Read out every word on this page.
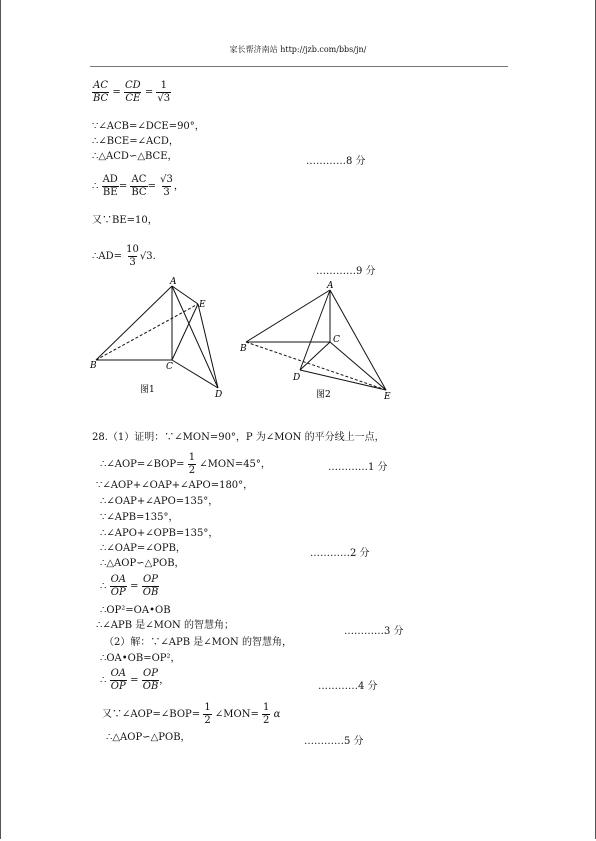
家长帮济南站 http://jzb.com/bbs/jn/
$\frac{AC}{BC} = \frac{CD}{CE} = \frac{1}{√3}$
∵∠ACB=∠DCE=90°，
∴∠BCE=∠ACD，
∴△ACD∽△BCE，	…………8 分
∴ $\frac{AD}{BE} = \frac{AC}{BC} = \frac{√3}{3}$ ，
又∵BE=10，
∴AD= $\frac{10}{3} √3$.
…………9 分
A
E
B	C
D
图1
A
B
C
D
E
图2
28.（1）证明：∵∠MON=90°，P 为∠MON 的平分线上一点，
∴∠AOP=∠BOP= $\frac{1}{2}$ ∠MON=45°，	…………1 分
∵∠AOP+∠OAP+∠APO=180°，
∴∠OAP+∠APO=135°，
∵∠APB=135°，
∴∠APO+∠OPB=135°，
∴∠OAP=∠OPB，	…………2 分
∴△AOP∽△POB，
∴ $\frac{OA}{OP} = \frac{OP}{OB}$
∴OP²=OA•OB
∴∠APB 是∠MON 的智慧角；
…………3 分
（2）解：∵∠APB 是∠MON 的智慧角，
∴OA•OB=OP²，
∴ $\frac{OA}{OP} = \frac{OP}{OB}$ ，
…………4 分
又∵∠AOP=∠BOP= $\frac{1}{2}$ ∠MON= $\frac{1}{2}$ α
∴△AOP∽△POB，	…………5 分
